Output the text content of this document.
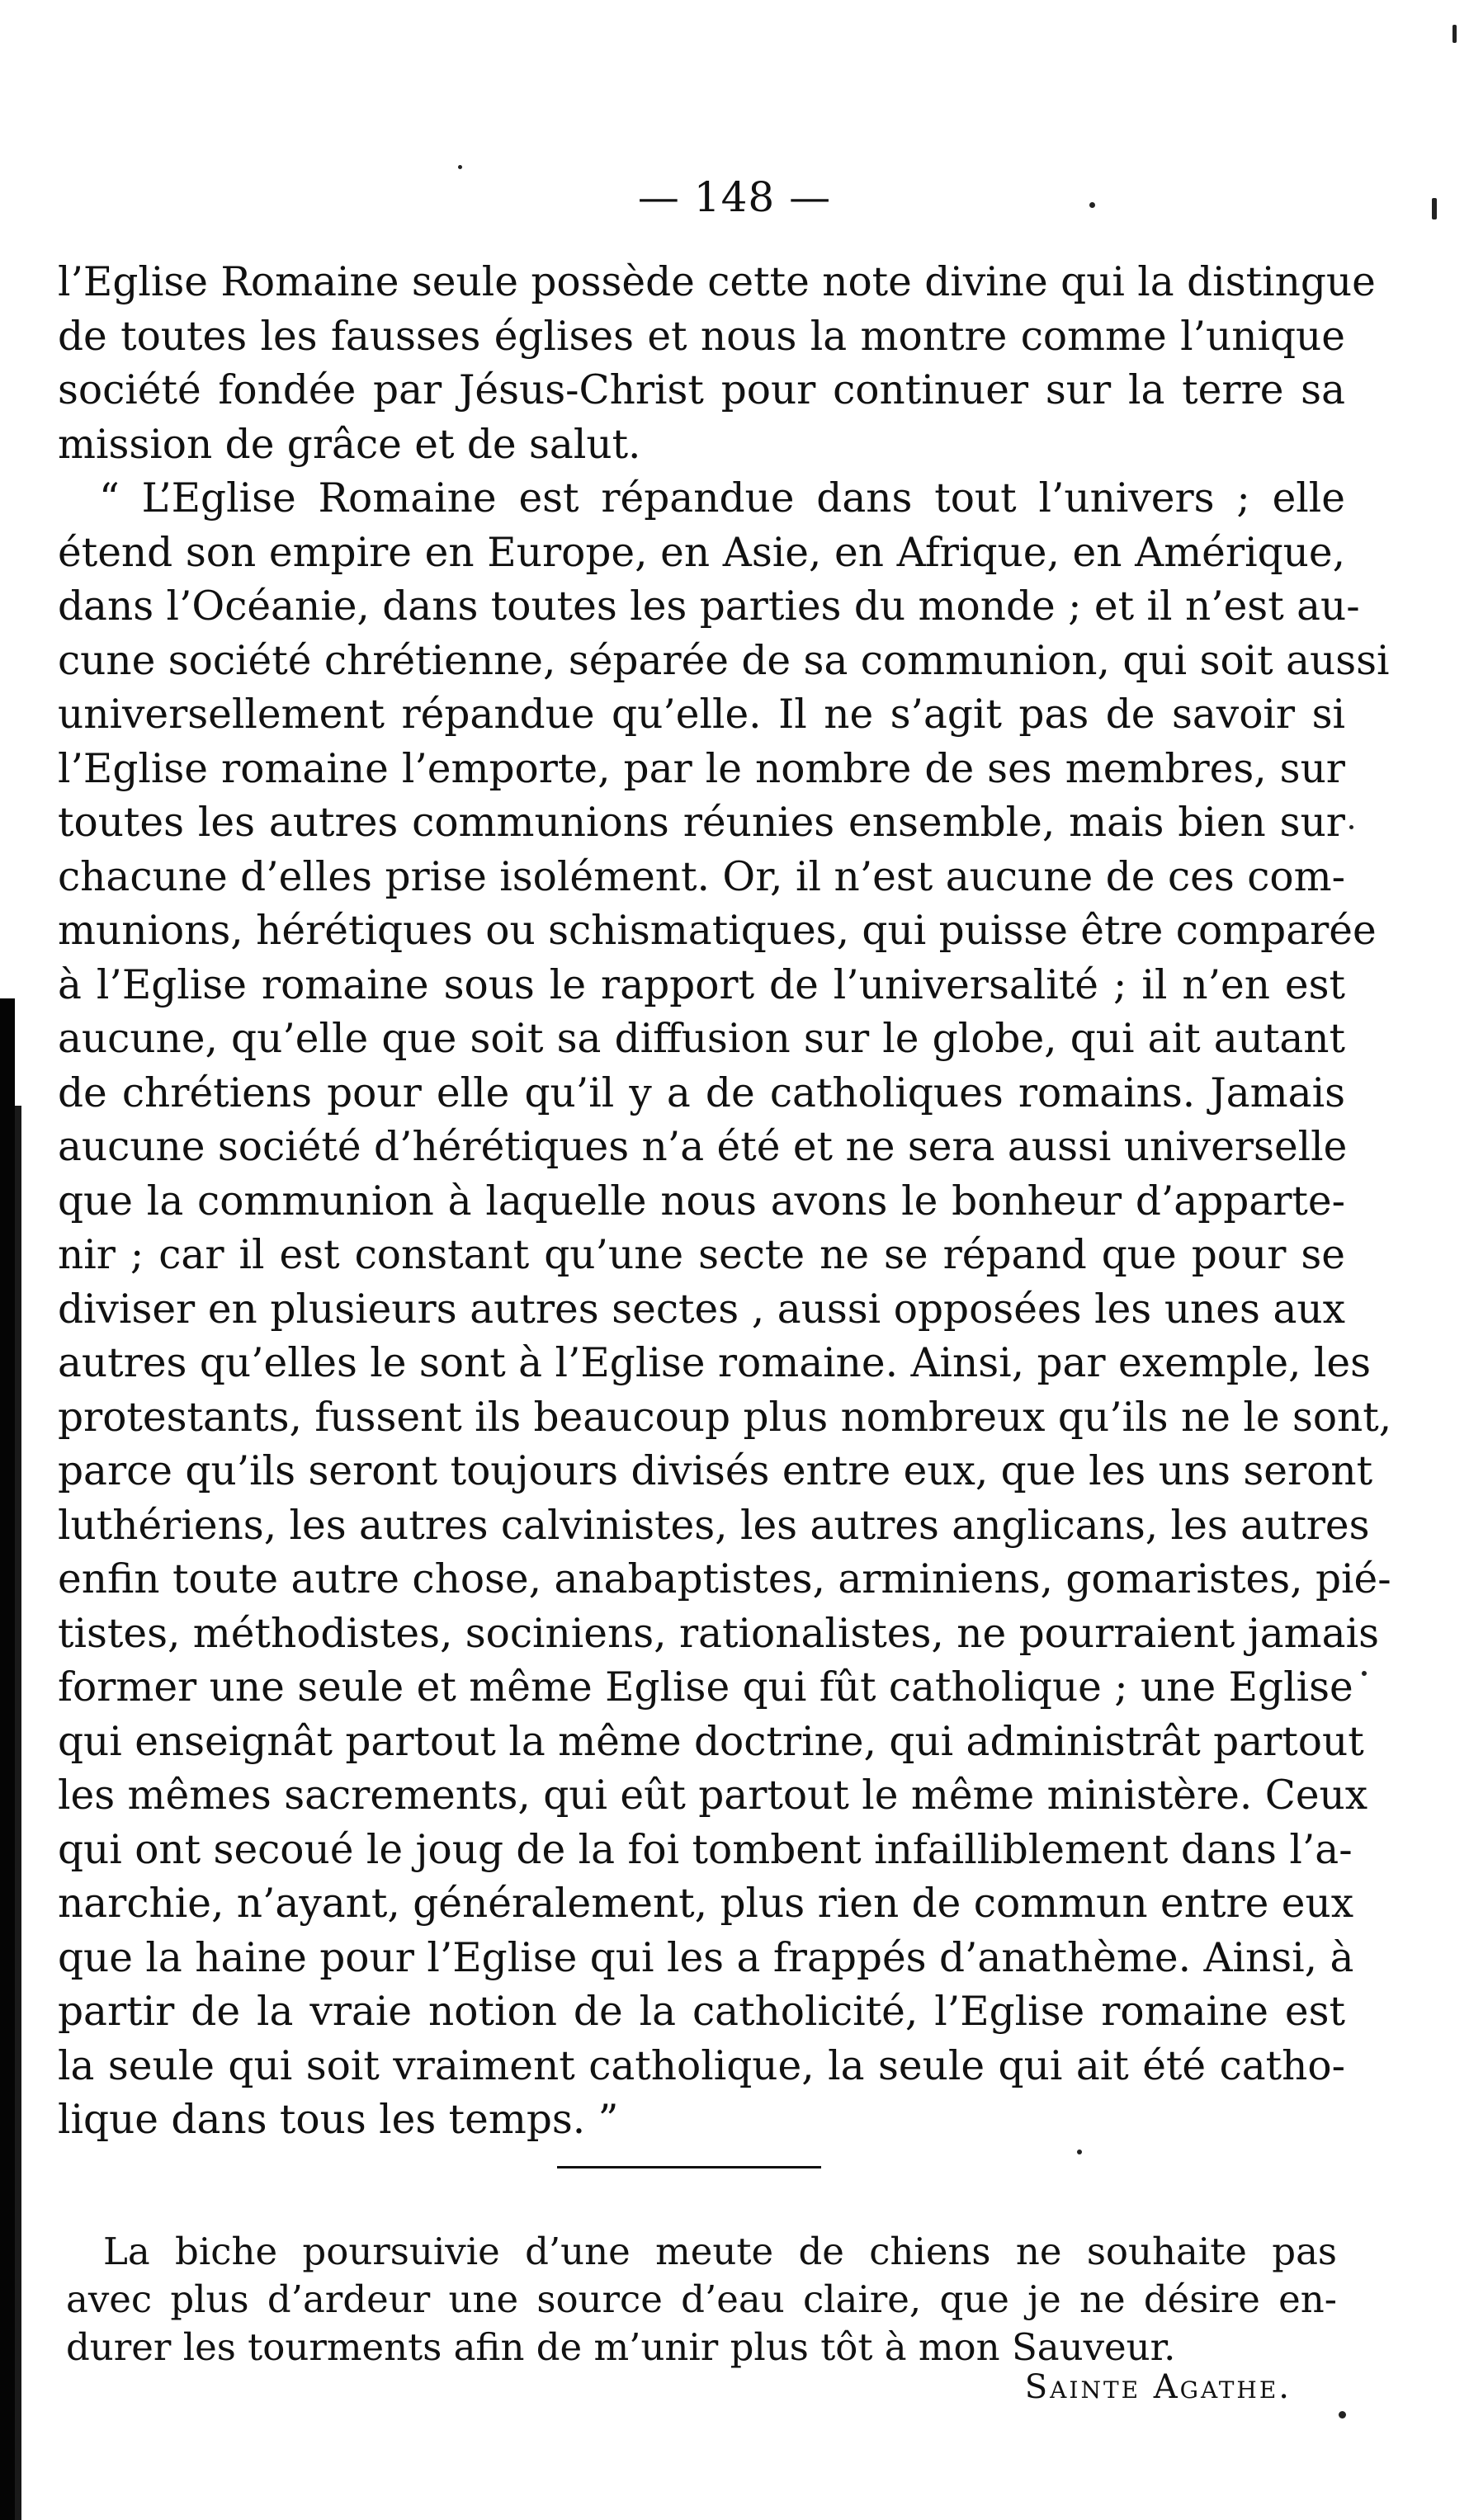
— 148 —
l’Eglise Romaine seule possède cette note divine qui la distingue
de toutes les fausses églises et nous la montre comme l’unique
société fondée par Jésus-Christ pour continuer sur la terre sa
mission de grâce et de salut.
“ L’Eglise Romaine est répandue dans tout l’univers ; elle
étend son empire en Europe, en Asie, en Afrique, en Amérique,
dans l’Océanie, dans toutes les parties du monde ; et il n’est au-
cune société chrétienne, séparée de sa communion, qui soit aussi
universellement répandue qu’elle. Il ne s’agit pas de savoir si
l’Eglise romaine l’emporte, par le nombre de ses membres, sur
toutes les autres communions réunies ensemble, mais bien sur
chacune d’elles prise isolément. Or, il n’est aucune de ces com-
munions, hérétiques ou schismatiques, qui puisse être comparée
à l’Eglise romaine sous le rapport de l’universalité ; il n’en est
aucune, qu’elle que soit sa diffusion sur le globe, qui ait autant
de chrétiens pour elle qu’il y a de catholiques romains. Jamais
aucune société d’hérétiques n’a été et ne sera aussi universelle
que la communion à laquelle nous avons le bonheur d’apparte-
nir ; car il est constant qu’une secte ne se répand que pour se
diviser en plusieurs autres sectes , aussi opposées les unes aux
autres qu’elles le sont à l’Eglise romaine. Ainsi, par exemple, les
protestants, fussent ils beaucoup plus nombreux qu’ils ne le sont,
parce qu’ils seront toujours divisés entre eux, que les uns seront
luthériens, les autres calvinistes, les autres anglicans, les autres
enfin toute autre chose, anabaptistes, arminiens, gomaristes, pié-
tistes, méthodistes, sociniens, rationalistes, ne pourraient jamais
former une seule et même Eglise qui fût catholique ; une Eglise
qui enseignât partout la même doctrine, qui administrât partout
les mêmes sacrements, qui eût partout le même ministère. Ceux
qui ont secoué le joug de la foi tombent infailliblement dans l’a-
narchie, n’ayant, généralement, plus rien de commun entre eux
que la haine pour l’Eglise qui les a frappés d’anathème. Ainsi, à
partir de la vraie notion de la catholicité, l’Eglise romaine est
la seule qui soit vraiment catholique, la seule qui ait été catho-
lique dans tous les temps. ”
La biche poursuivie d’une meute de chiens ne souhaite pas
avec plus d’ardeur une source d’eau claire, que je ne désire en-
durer les tourments afin de m’unir plus tôt à mon Sauveur.
Sainte Agathe.
